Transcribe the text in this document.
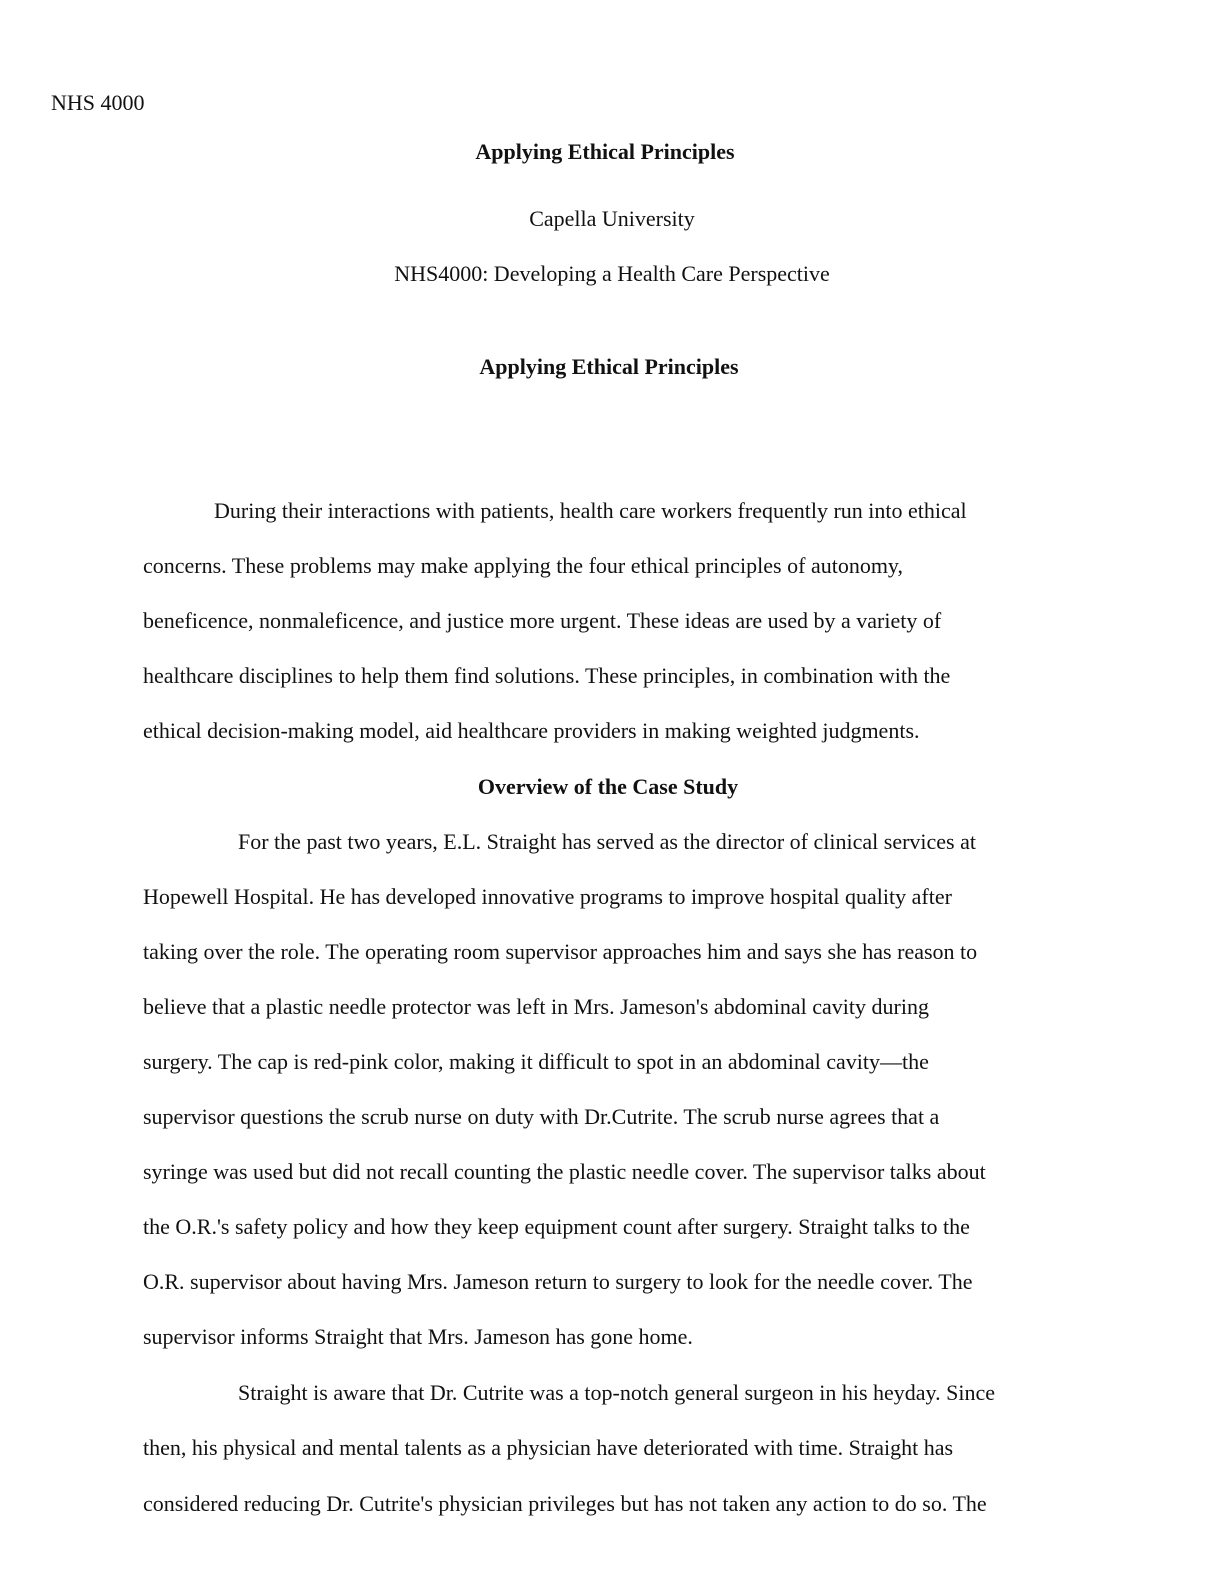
NHS 4000
Applying Ethical Principles
Capella University
NHS4000: Developing a Health Care Perspective
Applying Ethical Principles
During their interactions with patients, health care workers frequently run into ethical
concerns. These problems may make applying the four ethical principles of autonomy,
beneficence, nonmaleficence, and justice more urgent. These ideas are used by a variety of
healthcare disciplines to help them find solutions. These principles, in combination with the
ethical decision-making model, aid healthcare providers in making weighted judgments.
Overview of the Case Study
For the past two years, E.L. Straight has served as the director of clinical services at
Hopewell Hospital. He has developed innovative programs to improve hospital quality after
taking over the role. The operating room supervisor approaches him and says she has reason to
believe that a plastic needle protector was left in Mrs. Jameson's abdominal cavity during
surgery. The cap is red-pink color, making it difficult to spot in an abdominal cavity—the
supervisor questions the scrub nurse on duty with Dr.Cutrite. The scrub nurse agrees that a
syringe was used but did not recall counting the plastic needle cover. The supervisor talks about
the O.R.'s safety policy and how they keep equipment count after surgery. Straight talks to the
O.R. supervisor about having Mrs. Jameson return to surgery to look for the needle cover. The
supervisor informs Straight that Mrs. Jameson has gone home.
Straight is aware that Dr. Cutrite was a top-notch general surgeon in his heyday. Since
then, his physical and mental talents as a physician have deteriorated with time. Straight has
considered reducing Dr. Cutrite's physician privileges but has not taken any action to do so. The
